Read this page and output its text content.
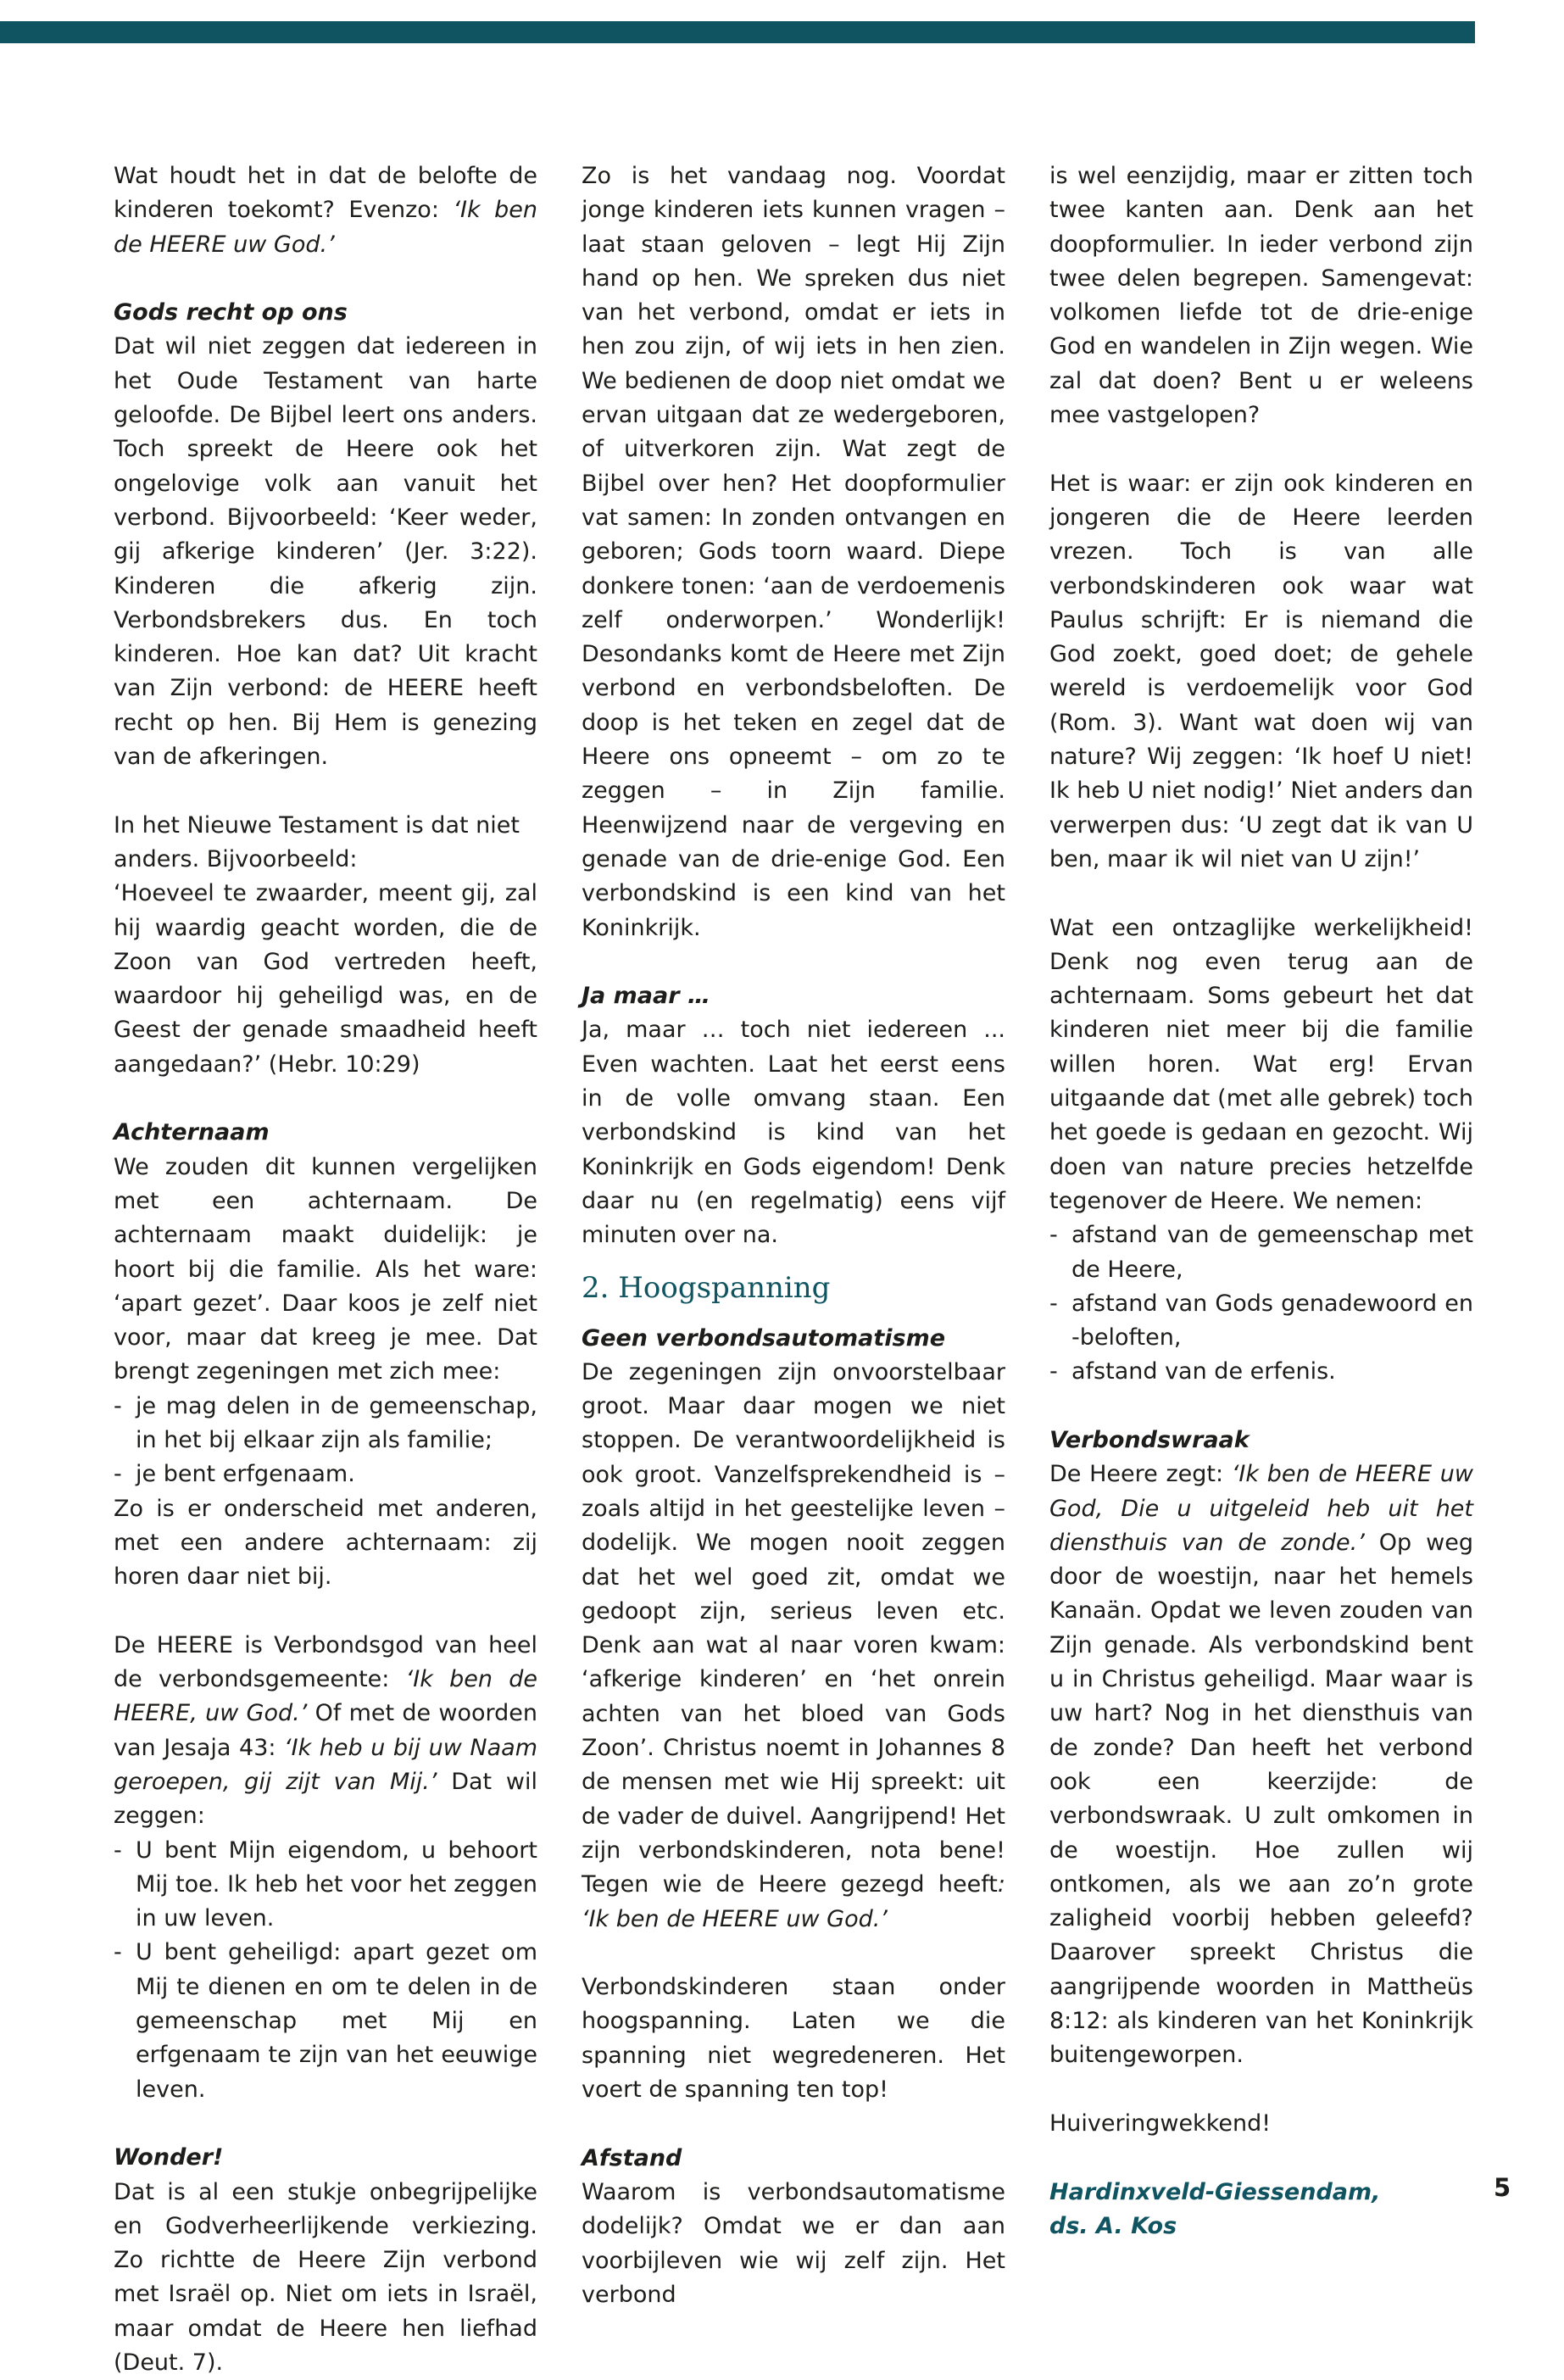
Wat houdt het in dat de belofte de kinderen toekomt? Evenzo: ‘Ik ben de HEERE uw God.’

Gods recht op ons

Dat wil niet zeggen dat iedereen in het Oude Testament van harte geloofde. De Bijbel leert ons anders. Toch spreekt de Heere ook het ongelovige volk aan vanuit het verbond. Bijvoorbeeld: ‘Keer weder, gij afkerige kinderen’ (Jer. 3:22). Kinderen die afkerig zijn. Verbondsbrekers dus. En toch kinderen. Hoe kan dat? Uit kracht van Zijn verbond: de HEERE heeft recht op hen. Bij Hem is genezing van de afkeringen.

In het Nieuwe Testament is dat niet anders. Bijvoorbeeld:

‘Hoeveel te zwaarder, meent gij, zal hij waardig geacht worden, die de Zoon van God vertreden heeft, waardoor hij geheiligd was, en de Geest der genade smaadheid heeft aangedaan?’ (Hebr. 10:29)

Achternaam

We zouden dit kunnen vergelijken met een achternaam. De achternaam maakt duidelijk: je hoort bij die familie. Als het ware: ‘apart gezet’. Daar koos je zelf niet voor, maar dat kreeg je mee. Dat brengt zegeningen met zich mee:

- je mag delen in de gemeenschap, in het bij elkaar zijn als familie;
- je bent erfgenaam.

Zo is er onderscheid met anderen, met een andere achternaam: zij horen daar niet bij.

De HEERE is Verbondsgod van heel de verbondsgemeente: ‘Ik ben de HEERE, uw God.’ Of met de woorden van Jesaja 43: ‘Ik heb u bij uw Naam geroepen, gij zijt van Mij.’ Dat wil zeggen:

- U bent Mijn eigendom, u behoort Mij toe. Ik heb het voor het zeggen in uw leven.
- U bent geheiligd: apart gezet om Mij te dienen en om te delen in de gemeenschap met Mij en erfgenaam te zijn van het eeuwige leven.

Wonder!

Dat is al een stukje onbegrijpelijke en Godverheerlijkende verkiezing. Zo richtte de Heere Zijn verbond met Israël op. Niet om iets in Israël, maar omdat de Heere hen liefhad (Deut. 7).

Zo is het vandaag nog. Voordat jonge kinderen iets kunnen vragen – laat staan geloven – legt Hij Zijn hand op hen. We spreken dus niet van het verbond, omdat er iets in hen zou zijn, of wij iets in hen zien. We bedienen de doop niet omdat we ervan uitgaan dat ze wedergeboren, of uitverkoren zijn. Wat zegt de Bijbel over hen? Het doopformulier vat samen: In zonden ontvangen en geboren; Gods toorn waard. Diepe donkere tonen: ‘aan de verdoemenis zelf onderworpen.’ Wonderlijk! Desondanks komt de Heere met Zijn verbond en verbondsbeloften. De doop is het teken en zegel dat de Heere ons opneemt – om zo te zeggen – in Zijn familie. Heenwijzend naar de vergeving en genade van de drie-enige God. Een verbondskind is een kind van het Koninkrijk.

Ja maar …

Ja, maar … toch niet iedereen ... Even wachten. Laat het eerst eens in de volle omvang staan. Een verbondskind is kind van het Koninkrijk en Gods eigendom! Denk daar nu (en regelmatig) eens vijf minuten over na.

2. Hoogspanning

Geen verbondsautomatisme

De zegeningen zijn onvoorstelbaar groot. Maar daar mogen we niet stoppen. De verantwoordelijkheid is ook groot. Vanzelfsprekendheid is – zoals altijd in het geestelijke leven – dodelijk. We mogen nooit zeggen dat het wel goed zit, omdat we gedoopt zijn, serieus leven etc. Denk aan wat al naar voren kwam: ‘afkerige kinderen’ en ‘het onrein achten van het bloed van Gods Zoon’. Christus noemt in Johannes 8 de mensen met wie Hij spreekt: uit de vader de duivel. Aangrijpend! Het zijn verbondskinderen, nota bene! Tegen wie de Heere gezegd heeft: ‘Ik ben de HEERE uw God.’

Verbondskinderen staan onder hoogspanning. Laten we die spanning niet wegredeneren. Het voert de spanning ten top!

Afstand

Waarom is verbondsautomatisme dodelijk? Omdat we er dan aan voorbijleven wie wij zelf zijn. Het verbond

is wel eenzijdig, maar er zitten toch twee kanten aan. Denk aan het doopformulier. In ieder verbond zijn twee delen begrepen. Samengevat: volkomen liefde tot de drie-enige God en wandelen in Zijn wegen. Wie zal dat doen? Bent u er weleens mee vastgelopen?

Het is waar: er zijn ook kinderen en jongeren die de Heere leerden vrezen. Toch is van alle verbondskinderen ook waar wat Paulus schrijft: Er is niemand die God zoekt, goed doet; de gehele wereld is verdoemelijk voor God (Rom. 3). Want wat doen wij van nature? Wij zeggen: ‘Ik hoef U niet! Ik heb U niet nodig!’ Niet anders dan verwerpen dus: ‘U zegt dat ik van U ben, maar ik wil niet van U zijn!’

Wat een ontzaglijke werkelijkheid! Denk nog even terug aan de achternaam. Soms gebeurt het dat kinderen niet meer bij die familie willen horen. Wat erg! Ervan uitgaande dat (met alle gebrek) toch het goede is gedaan en gezocht. Wij doen van nature precies hetzelfde tegenover de Heere. We nemen:

- afstand van de gemeenschap met de Heere,
- afstand van Gods genadewoord en -beloften,
- afstand van de erfenis.

Verbondswraak

De Heere zegt: ‘Ik ben de HEERE uw God, Die u uitgeleid heb uit het diensthuis van de zonde.’ Op weg door de woestijn, naar het hemels Kanaän. Opdat we leven zouden van Zijn genade. Als verbondskind bent u in Christus geheiligd. Maar waar is uw hart? Nog in het diensthuis van de zonde? Dan heeft het verbond ook een keerzijde: de verbondswraak. U zult omkomen in de woestijn. Hoe zullen wij ontkomen, als we aan zo’n grote zaligheid voorbij hebben geleefd? Daarover spreekt Christus die aangrijpende woorden in Mattheüs 8:12: als kinderen van het Koninkrijk buitengeworpen.

Huiveringwekkend!

Hardinxveld-Giessendam,

ds. A. Kos

5
